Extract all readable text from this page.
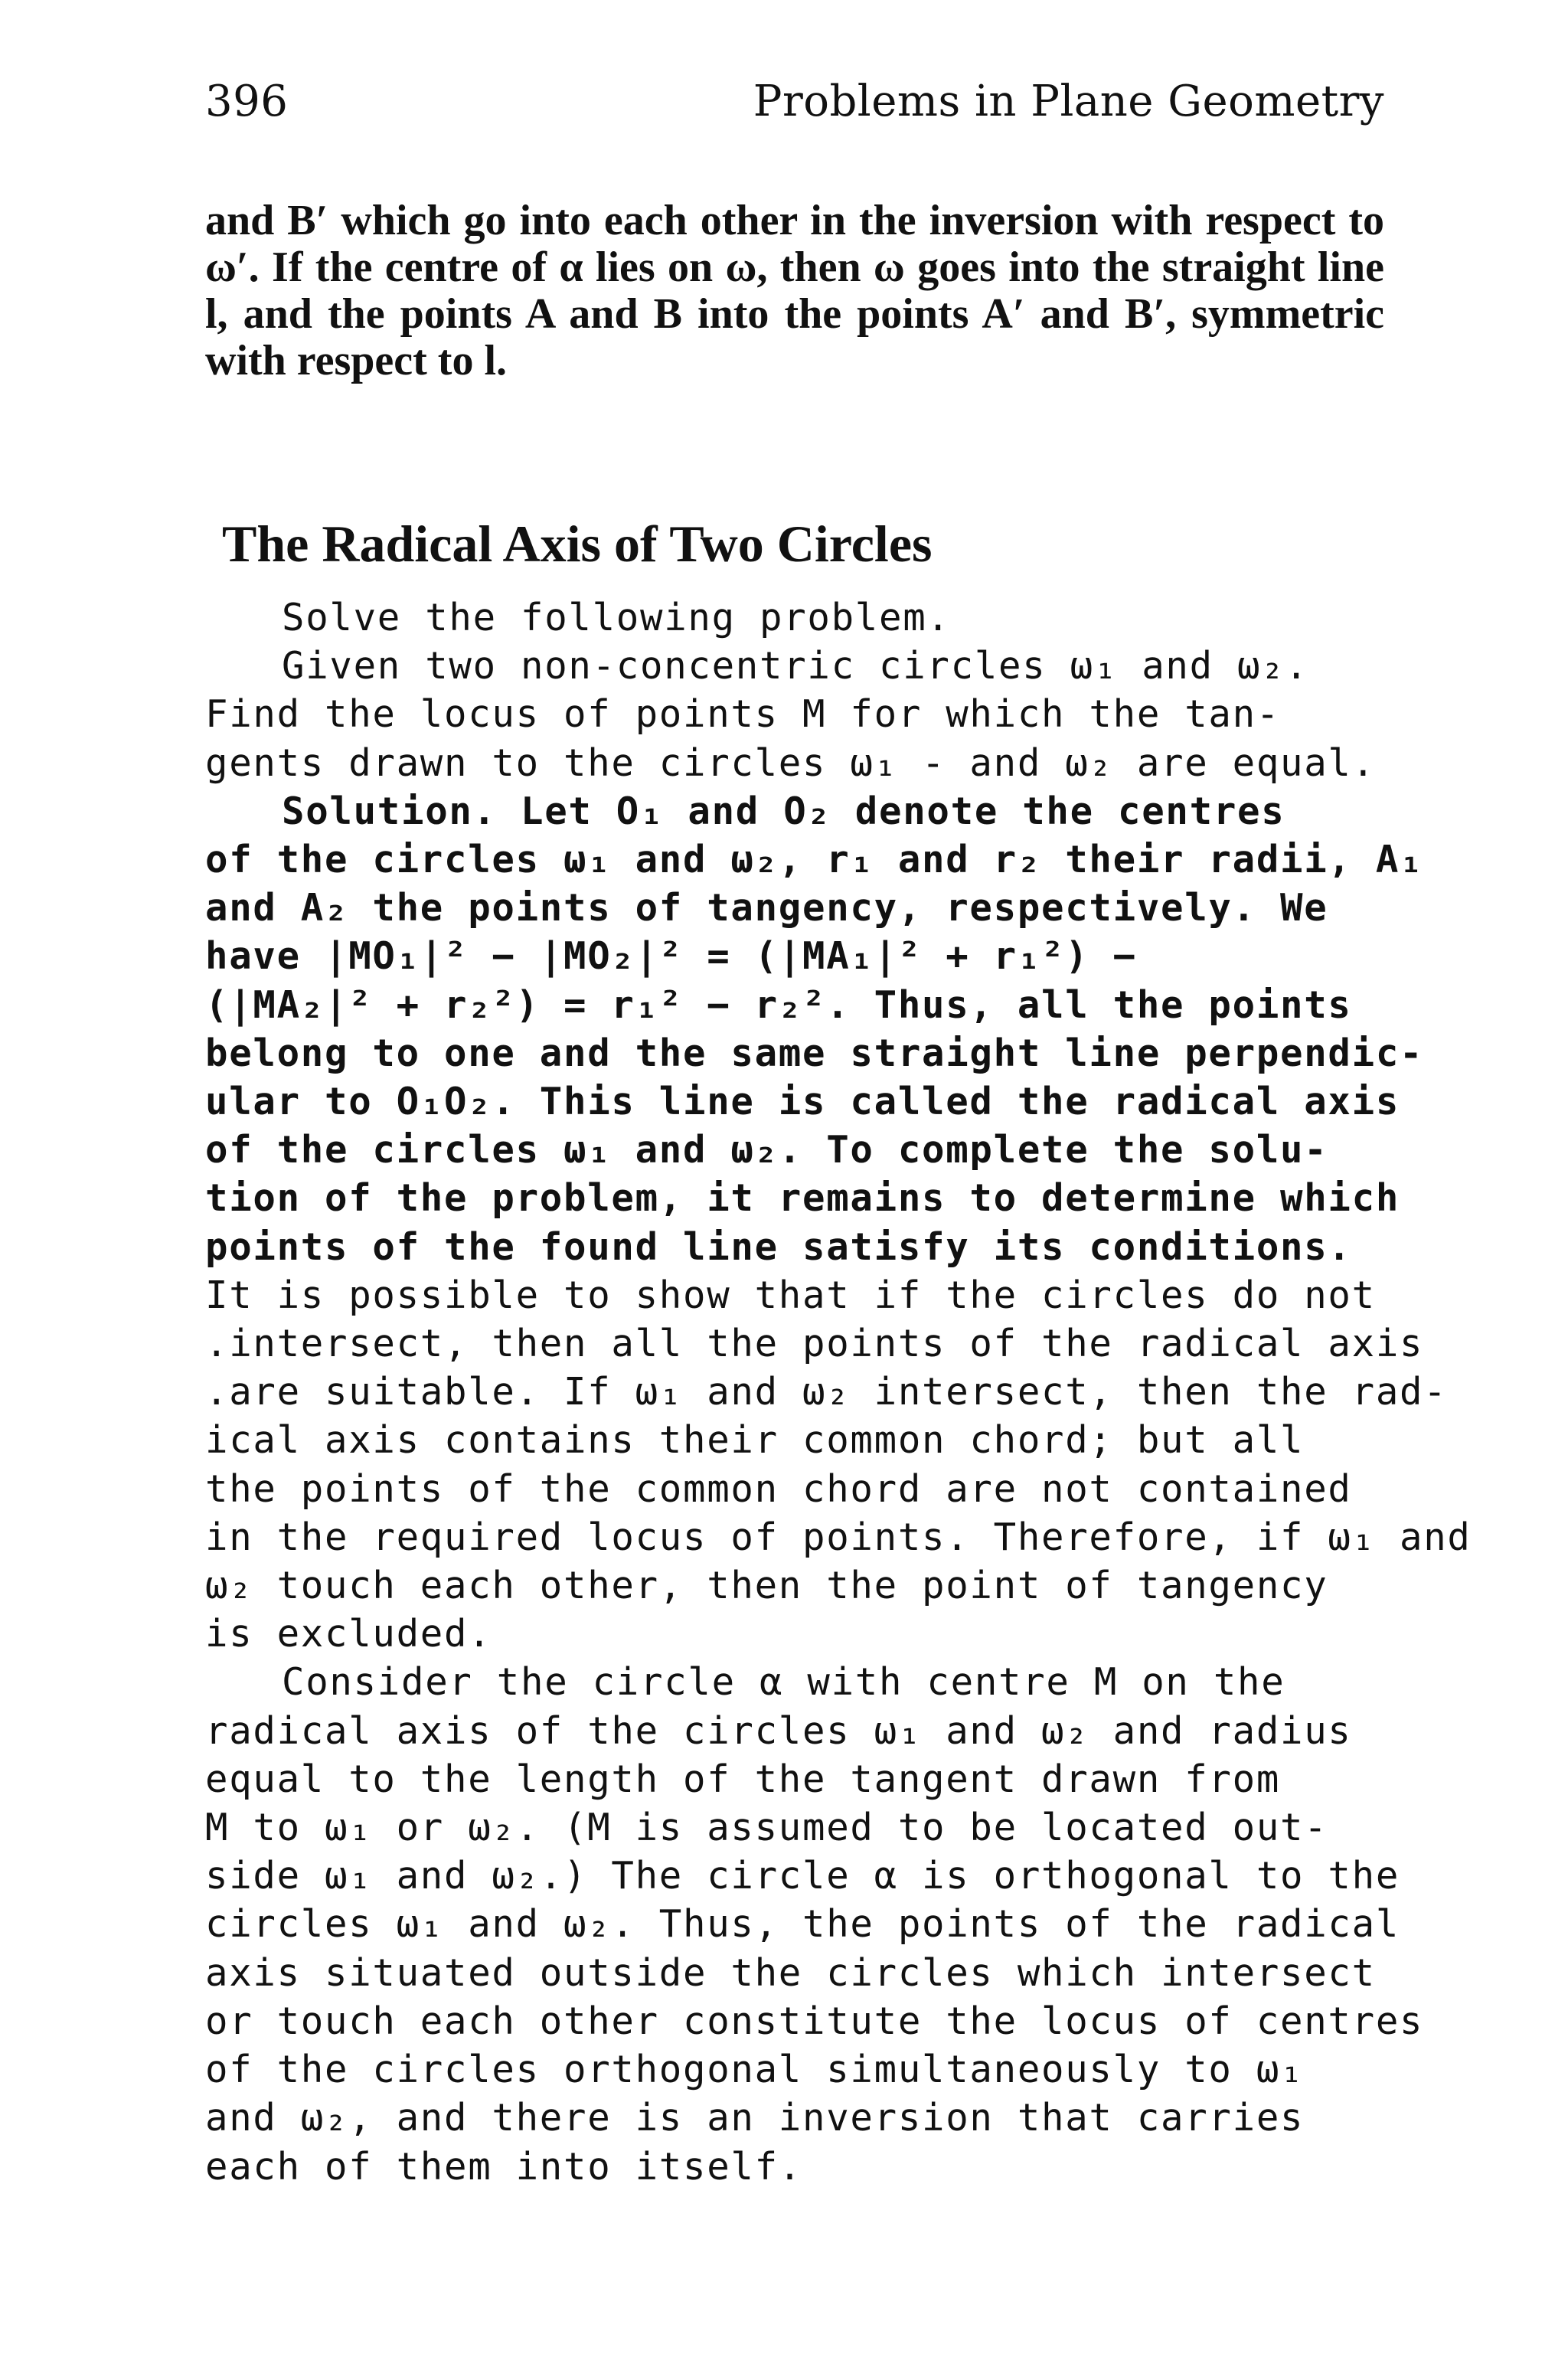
396	Problems in Plane Geometry
and B′ which go into each other in the inversion with respect to ω′. If the centre of α lies on ω, then ω goes into the straight line l, and the points A and B into the points A′ and B′, symmetric with respect to l.
The Radical Axis of Two Circles
Solve the following problem.
Given two non-concentric circles ω₁ and ω₂.
Find the locus of points M for which the tan-
gents drawn to the circles ω₁ - and ω₂ are equal.
Solution. Let O₁ and O₂ denote the centres
of the circles ω₁ and ω₂, r₁ and r₂ their radii, A₁
and A₂ the points of tangency, respectively. We
have |MO₁|² − |MO₂|² = (|MA₁|² + r₁²) −
(|MA₂|² + r₂²) = r₁² − r₂². Thus, all the points
belong to one and the same straight line perpendic-
ular to O₁O₂. This line is called the radical axis
of the circles ω₁ and ω₂. To complete the solu-
tion of the problem, it remains to determine which
points of the found line satisfy its conditions.
It is possible to show that if the circles do not
.intersect, then all the points of the radical axis
.are suitable. If ω₁ and ω₂ intersect, then the rad-
ical axis contains their common chord; but all
the points of the common chord are not contained
in the required locus of points. Therefore, if ω₁ and
ω₂ touch each other, then the point of tangency
is excluded.
Consider the circle α with centre M on the
radical axis of the circles ω₁ and ω₂ and radius
equal to the length of the tangent drawn from
M to ω₁ or ω₂. (M is assumed to be located out-
side ω₁ and ω₂.) The circle α is orthogonal to the
circles ω₁ and ω₂. Thus, the points of the radical
axis situated outside the circles which intersect
or touch each other constitute the locus of centres
of the circles orthogonal simultaneously to ω₁
and ω₂, and there is an inversion that carries
each of them into itself.
